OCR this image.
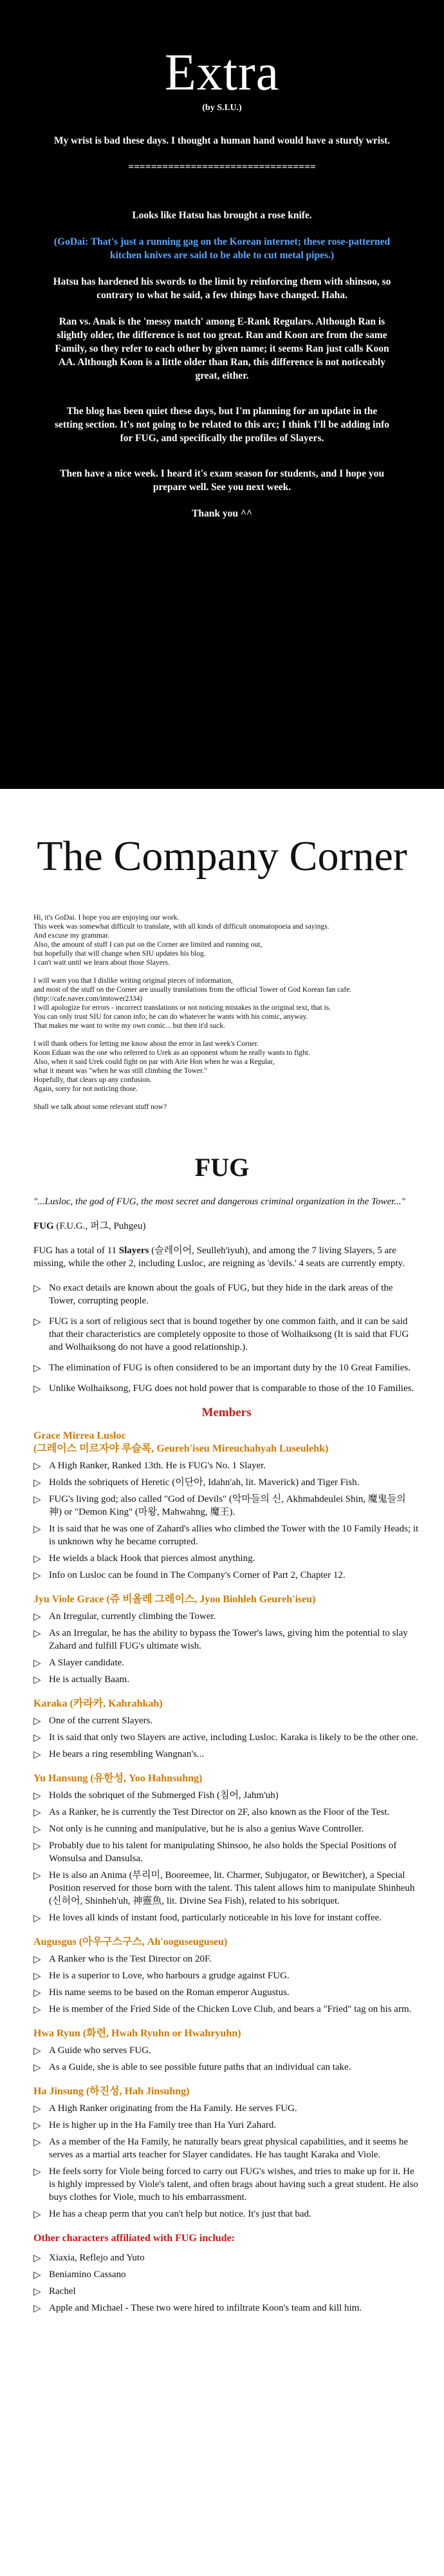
Extra
(by S.I.U.)

My wrist is bad these days. I thought a human hand would have a sturdy wrist.

=================================

Looks like Hatsu has brought a rose knife.

(GoDai: That's just a running gag on the Korean internet; these rose-patterned kitchen knives are said to be able to cut metal pipes.)

Hatsu has hardened his swords to the limit by reinforcing them with shinsoo, so contrary to what he said, a few things have changed. Haha.

Ran vs. Anak is the 'messy match' among E-Rank Regulars. Although Ran is slightly older, the difference is not too great. Ran and Koon are from the same Family, so they refer to each other by given name; it seems Ran just calls Koon AA. Although Koon is a little older than Ran, this difference is not noticeably great, either.

The blog has been quiet these days, but I'm planning for an update in the setting section. It's not going to be related to this arc; I think I'll be adding info for FUG, and specifically the profiles of Slayers.

Then have a nice week. I heard it's exam season for students, and I hope you prepare well. See you next week.

Thank you ^^

The Company Corner

Hi, it's GoDai. I hope you are enjoying our work.
This week was somewhat difficult to translate, with all kinds of difficult onomatopoeia and sayings.
And excuse my grammar.
Also, the amount of stuff I can put on the Corner are limited and running out,
but hopefully that will change when SIU updates his blog.
I can't wait until we learn about those Slayers.

I will warn you that I dislike writing original pieces of information,
and most of the stuff on the Corner are usually translations from the official Tower of God Korean fan cafe.
(http://cafe.naver.com/imtower2334)
I will apologize for errors - incorrect translations or not noticing mistakes in the original text, that is.
You can only trust SIU for canon info; he can do whatever he wants with his comic, anyway.
That makes me want to write my own comic... but then it'd suck.

I will thank others for letting me know about the error in last week's Corner.
Koon Eduan was the one who referred to Urek as an opponent whom he really wants to fight.
Also, when it said Urek could fight on par with Arie Hon when he was a Regular,
what it meant was "when he was still climbing the Tower."
Hopefully, that clears up any confusion.
Again, sorry for not noticing those.

Shall we talk about some relevant stuff now?

FUG

"...Lusloc, the god of FUG, the most secret and dangerous criminal organization in the Tower..."

FUG (F.U.G., 퍼그, Puhgeu)

FUG has a total of 11 Slayers (슬레이어, Seulleh'iyuh), and among the 7 living Slayers, 5 are missing, while the other 2, including Lusloc, are reigning as 'devils.' 4 seats are currently empty.

▷ No exact details are known about the goals of FUG, but they hide in the dark areas of the Tower, corrupting people.
▷ FUG is a sort of religious sect that is bound together by one common faith, and it can be said that their characteristics are completely opposite to those of Wolhaiksong (It is said that FUG and Wolhaiksong do not have a good relationship.).
▷ The elimination of FUG is often considered to be an important duty by the 10 Great Families.
▷ Unlike Wolhaiksong, FUG does not hold power that is comparable to those of the 10 Families.
Members
Grace Mirrea Lusloc
(그레이스 미르자야 루슬록, Geureh'iseu Mireuchahyah Luseulehk)
▷ A High Ranker, Ranked 13th. He is FUG's No. 1 Slayer.
▷ Holds the sobriquets of Heretic (이단아, Idahn'ah, lit. Maverick) and Tiger Fish.
▷ FUG's living god; also called "God of Devils" (악마들의 신, Akhmahdeulei Shin, 魔鬼들의 神) or "Demon King" (마왕, Mahwahng, 魔王).
▷ It is said that he was one of Zahard's allies who climbed the Tower with the 10 Family Heads; it is unknown why he became corrupted.
▷ He wields a black Hook that pierces almost anything.
▷ Info on Lusloc can be found in The Company's Corner of Part 2, Chapter 12.
Jyu Viole Grace (쥬 비올레 그레이스, Jyoo Biohleh Geureh'iseu)
▷ An Irregular, currently climbing the Tower.
▷ As an Irregular, he has the ability to bypass the Tower's laws, giving him the potential to slay Zahard and fulfill FUG's ultimate wish.
▷ A Slayer candidate.
▷ He is actually Baam.
Karaka (카라카, Kahrahkah)
▷ One of the current Slayers.
▷ It is said that only two Slayers are active, including Lusloc. Karaka is likely to be the other one.
▷ He bears a ring resembling Wangnan's...
Yu Hansung (유한성, Yoo Hahnsuhng)
▷ Holds the sobriquet of the Submerged Fish (침어, Jahm'uh)
▷ As a Ranker, he is currently the Test Director on 2F, also known as the Floor of the Test.
▷ Not only is he cunning and manipulative, but he is also a genius Wave Controller.
▷ Probably due to his talent for manipulating Shinsoo, he also holds the Special Positions of Wonsulsa and Dansulsa.
▷ He is also an Anima (부리미, Boorеemee, lit. Charmer, Subjugator, or Bewitcher), a Special Position reserved for those born with the talent. This talent allows him to manipulate Shinheuh (신허어, Shinheh'uh, 神靈魚, lit. Divine Sea Fish), related to his sobriquet.
▷ He loves all kinds of instant food, particularly noticeable in his love for instant coffee.
Augusgus (아우구스구스, Ah'ooguseuguseu)
▷ A Ranker who is the Test Director on 20F.
▷ He is a superior to Love, who harbours a grudge against FUG.
▷ His name seems to be based on the Roman emperor Augustus.
▷ He is member of the Fried Side of the Chicken Love Club, and bears a "Fried" tag on his arm.
Hwa Ryun (화련, Hwah Ryuhn or Hwahryuhn)
▷ A Guide who serves FUG.
▷ As a Guide, she is able to see possible future paths that an individual can take.
Ha Jinsung (하진성, Hah Jinsuhng)
▷ A High Ranker originating from the Ha Family. He serves FUG.
▷ He is higher up in the Ha Family tree than Ha Yuri Zahard.
▷ As a member of the Ha Family, he naturally bears great physical capabilities, and it seems he serves as a martial arts teacher for Slayer candidates. He has taught Karaka and Viole.
▷ He feels sorry for Viole being forced to carry out FUG's wishes, and tries to make up for it. He is highly impressed by Viole's talent, and often brags about having such a great student. He also buys clothes for Viole, much to his embarrassment.
▷ He has a cheap perm that you can't help but notice. It's just that bad.
Other characters affiliated with FUG include:
▷ Xiaxia, Reflejo and Yuto
▷ Beniamino Cassano
▷ Rachel
▷ Apple and Michael - These two were hired to infiltrate Koon's team and kill him.
